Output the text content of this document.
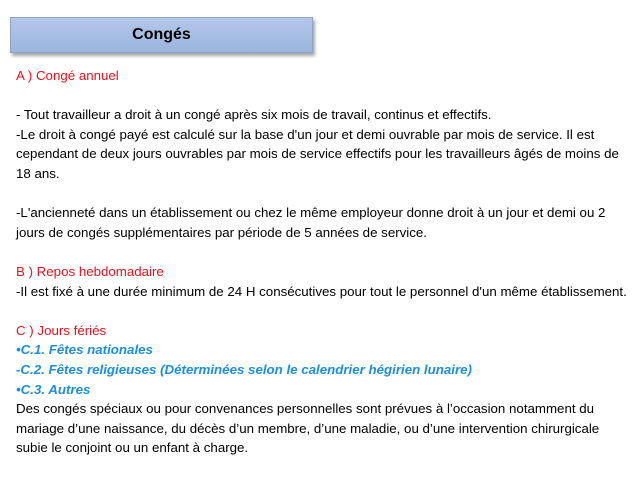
Congés

A ) Congé annuel

- Tout travailleur a droit à un congé après six mois de travail, continus et effectifs.

-Le droit à congé payé est calculé sur la base d'un jour et demi ouvrable par mois de service. Il est cependant de deux jours ouvrables par mois de service effectifs pour les travailleurs âgés de moins de 18 ans.

-L'ancienneté dans un établissement ou chez le même employeur donne droit à un jour et demi ou 2 jours de congés supplémentaires par période de 5 années de service.

B ) Repos hebdomadaire

-Il est fixé à une durée minimum de 24 H consécutives pour tout le personnel d'un même établissement.

C ) Jours fériés

•C.1. Fêtes nationales

-C.2. Fêtes religieuses (Déterminées selon le calendrier hégirien lunaire)

•C.3. Autres

Des congés spéciaux ou pour convenances personnelles sont prévues à l’occasion notamment du mariage d’une naissance, du décès d’un membre, d’une maladie, ou d’une intervention chirurgicale subie le conjoint ou un enfant à charge.
